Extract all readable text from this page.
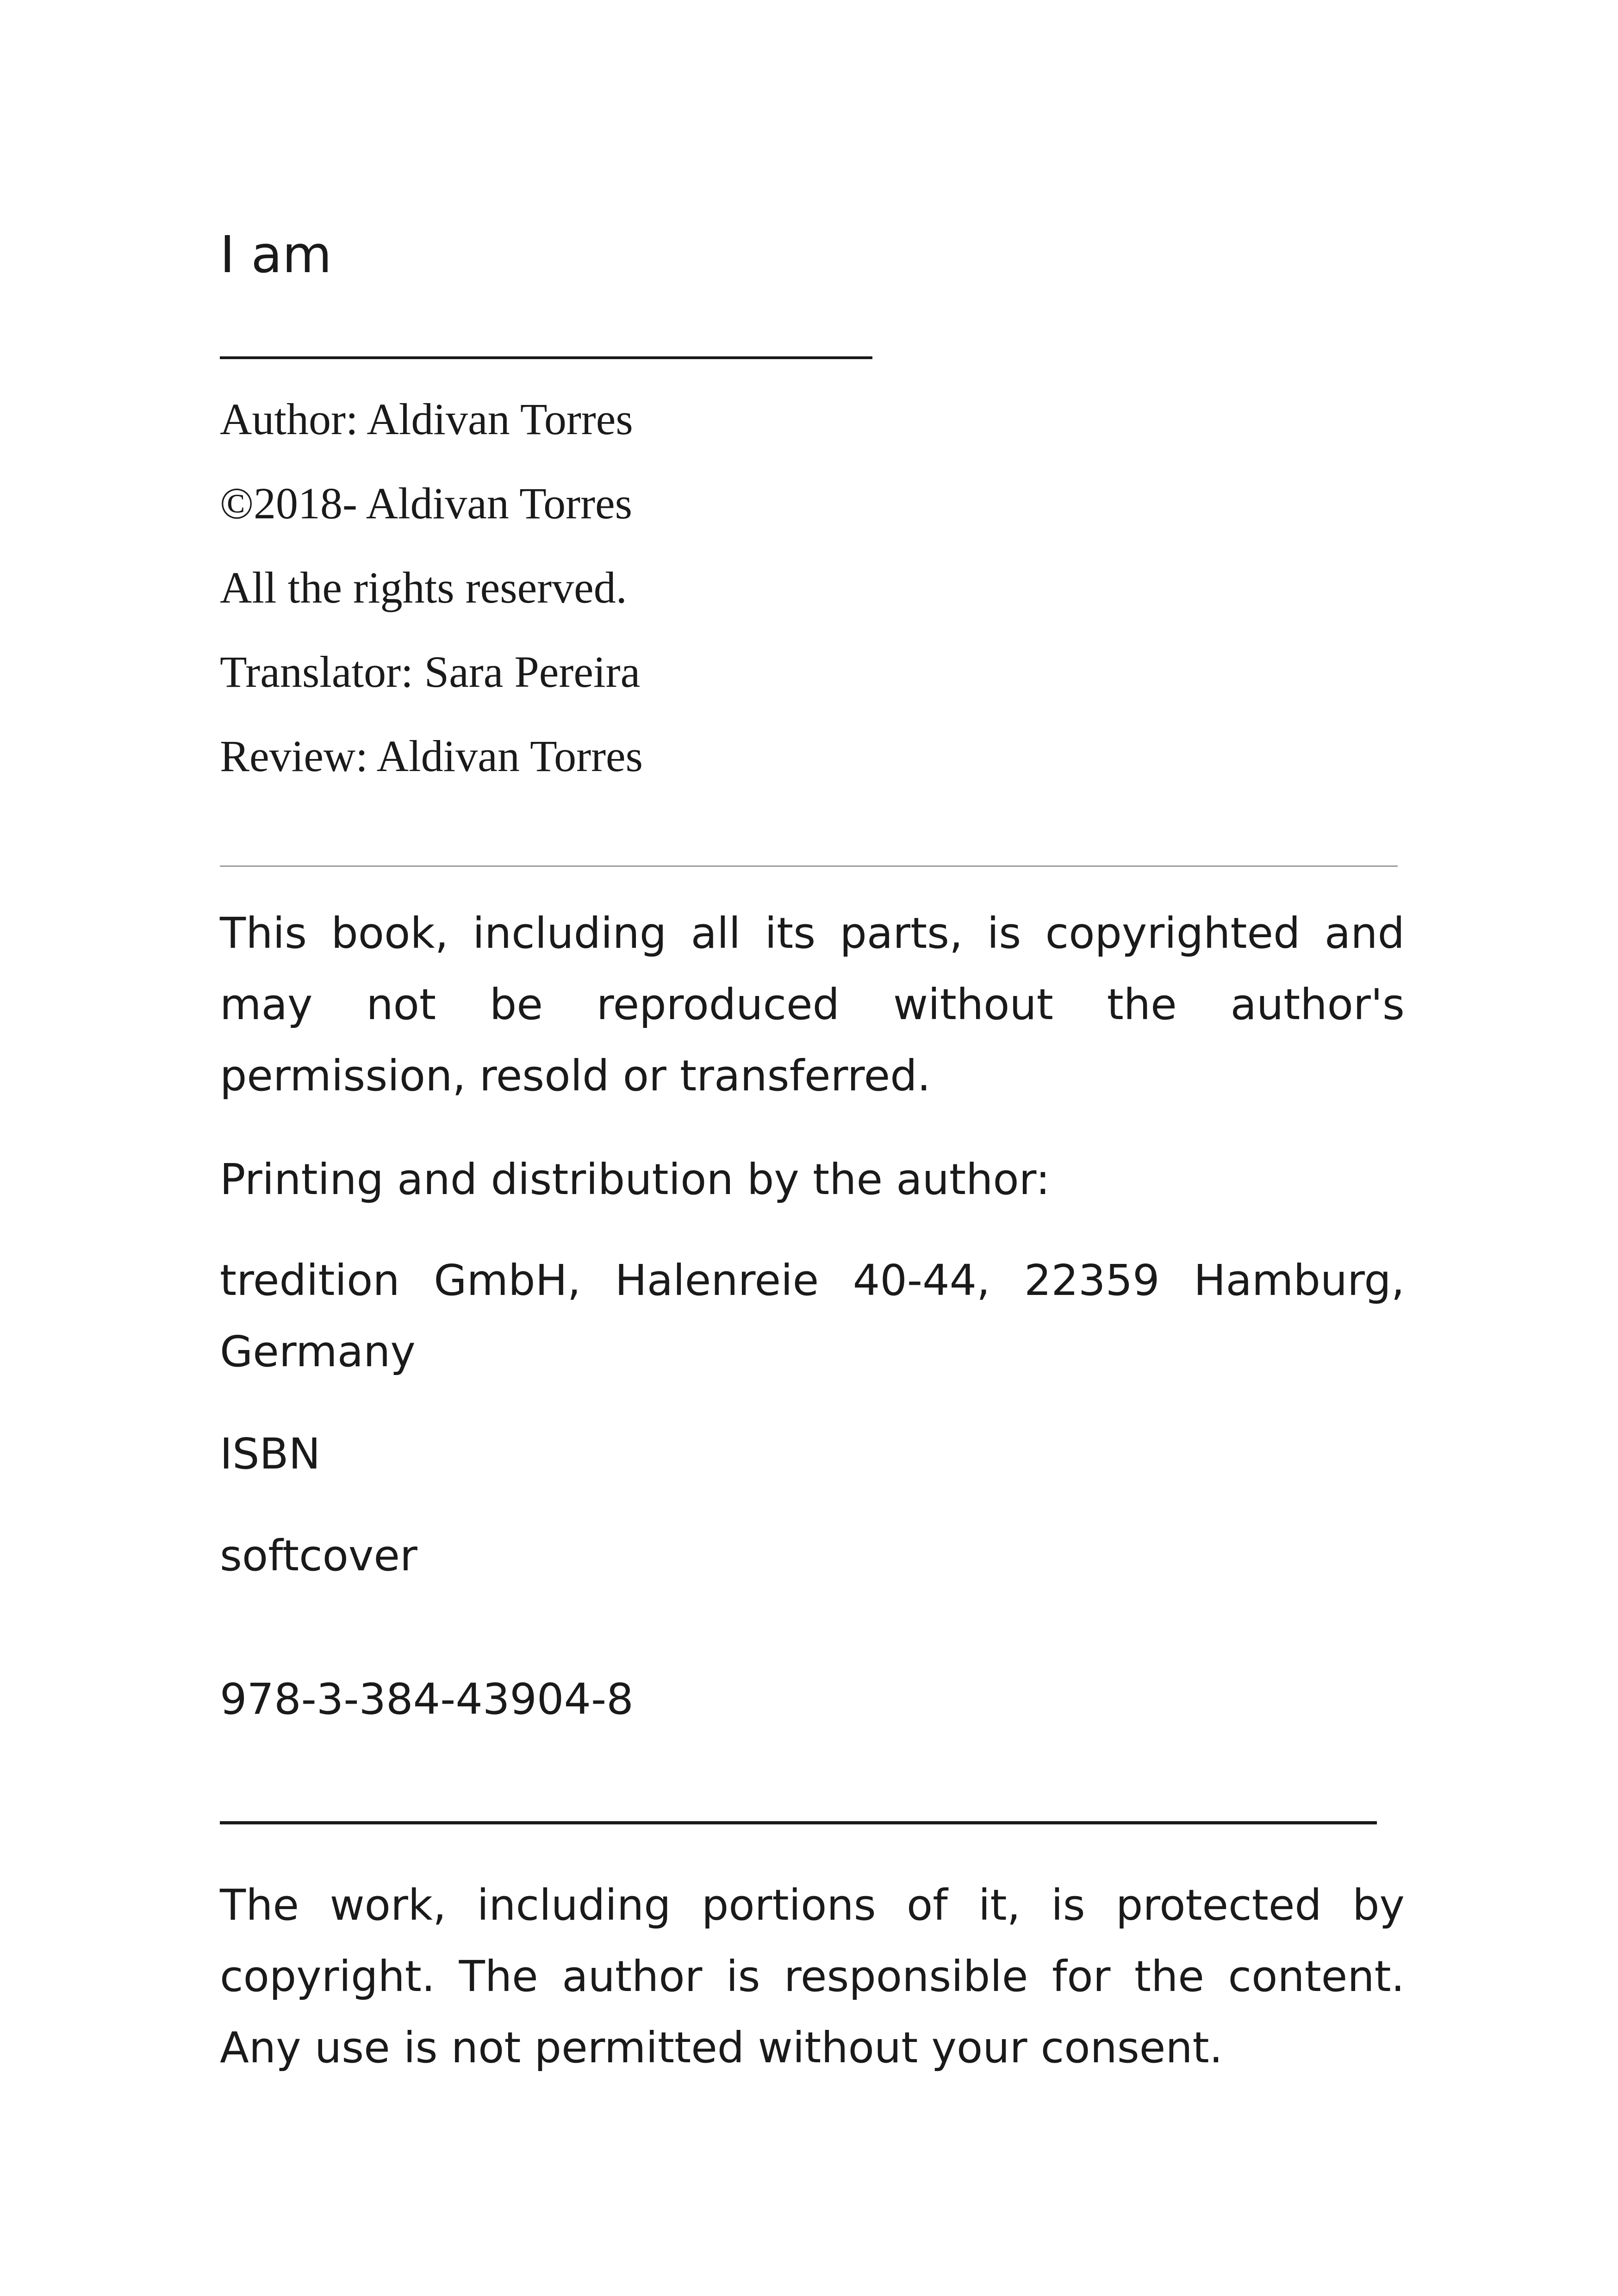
I am
Author: Aldivan Torres
©2018- Aldivan Torres
All the rights reserved.
Translator: Sara Pereira
Review: Aldivan Torres
This book, including all its parts, is copyrighted and may not be reproduced without the author's permission, resold or transferred.
Printing and distribution by the author:
tredition GmbH, Halenreie 40-44, 22359 Hamburg, Germany
ISBN
softcover
978-3-384-43904-8
The work, including portions of it, is protected by copyright. The author is responsible for the content. Any use is not permitted without your consent.
